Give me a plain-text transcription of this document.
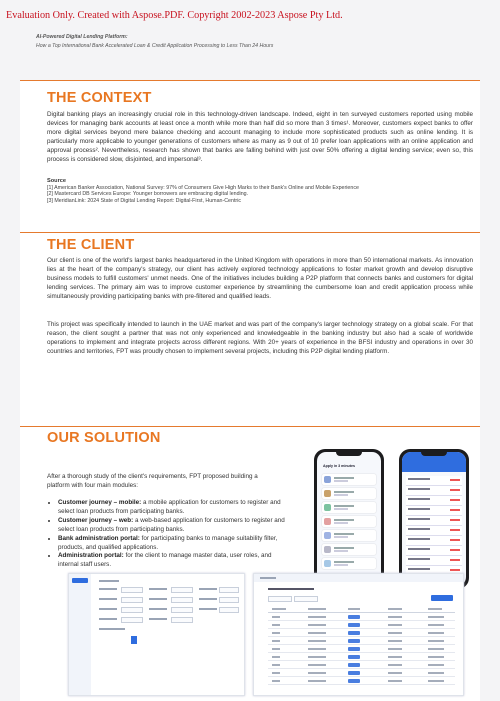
Evaluation Only. Created with Aspose.PDF. Copyright 2002-2023 Aspose Pty Ltd.
AI-Powered Digital Lending Platform:
How a Top International Bank Accelerated Loan & Credit Application Processing to Less Than 24 Hours
THE CONTEXT

Digital banking plays an increasingly crucial role in this technology-driven landscape. Indeed, eight in ten surveyed customers reported using mobile devices for managing bank accounts at least once a month while more than half did so more than 3 times¹. Moreover, customers expect banks to offer more digital services beyond mere balance checking and account managing to include more sophisticated products such as online lending. It is particularly more applicable to younger generations of customers where as many as 9 out of 10 prefer loan applications with an online application and approval process². Nevertheless, research has shown that banks are falling behind with just over 50% offering a digital lending service; even so, this process is considered slow, disjointed, and impersonal³.

Source
[1] American Banker Association, National Survey: 97% of Consumers Give High Marks to their Bank's Online and Mobile Experience
[2] Mastercard DB Services Europe: Younger borrowers are embracing digital lending.
[3] MeridianLink: 2024 State of Digital Lending Report: Digital-First, Human-Centric
THE CLIENT

Our client is one of the world's largest banks headquartered in the United Kingdom with operations in more than 50 international markets. As innovation lies at the heart of the company's strategy, our client has actively explored technology applications to foster market growth and develop disruptive business models to fulfill customers' unmet needs. One of the initiatives includes building a P2P platform that connects banks and customers for digital lending services. The primary aim was to improve customer experience by streamlining the cumbersome loan and credit application process while simultaneously providing participating banks with pre-filtered and qualified leads.

This project was specifically intended to launch in the UAE market and was part of the company's larger technology strategy on a global scale. For that reason, the client sought a partner that was not only experienced and knowledgeable in the banking industry but also had a scale of worldwide operations to implement and integrate projects across different regions. With 20+ years of experience in the BFSI industry and operations in over 30 countries and territories, FPT was proudly chosen to implement several projects, including this P2P digital lending platform.

OUR SOLUTION

After a thorough study of the client's requirements, FPT proposed building a platform with four main modules:

• Customer journey – mobile: a mobile application for customers to register and select loan products from participating banks.
• Customer journey – web: a web-based application for customers to register and select loan products from participating banks.
• Bank administration portal: for participating banks to manage suitability filter, products, and qualified applications.
• Administration portal: for the client to manage master data, user roles, and internal staff users.
Apply in 3 minutes
